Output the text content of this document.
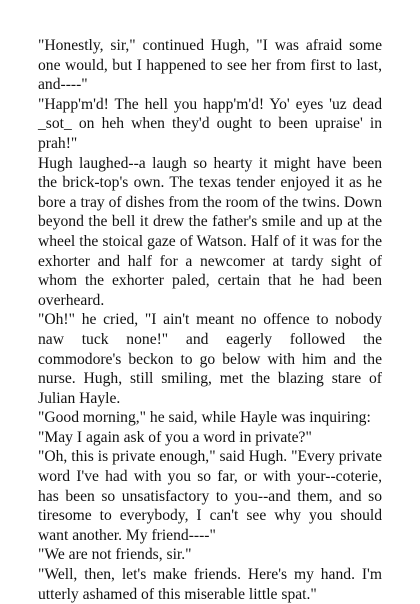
"Honestly, sir," continued Hugh, "I was afraid some one would, but I happened to see her from first to last, and----"

"Happ'm'd! The hell you happ'm'd! Yo' eyes 'uz dead _sot_ on heh when they'd ought to been upraise' in prah!"

Hugh laughed--a laugh so hearty it might have been the brick-top's own. The texas tender enjoyed it as he bore a tray of dishes from the room of the twins. Down beyond the bell it drew the father's smile and up at the wheel the stoical gaze of Watson. Half of it was for the exhorter and half for a newcomer at tardy sight of whom the exhorter paled, certain that he had been overheard.

"Oh!" he cried, "I ain't meant no offence to nobody naw tuck none!" and eagerly followed the commodore's beckon to go below with him and the nurse. Hugh, still smiling, met the blazing stare of Julian Hayle.

"Good morning," he said, while Hayle was inquiring:

"May I again ask of you a word in private?"

"Oh, this is private enough," said Hugh. "Every private word I've had with you so far, or with your--coterie, has been so unsatisfactory to you--and them, and so tiresome to everybody, I can't see why you should want another. My friend----"

"We are not friends, sir."

"Well, then, let's make friends. Here's my hand. I'm utterly ashamed of this miserable little spat."
